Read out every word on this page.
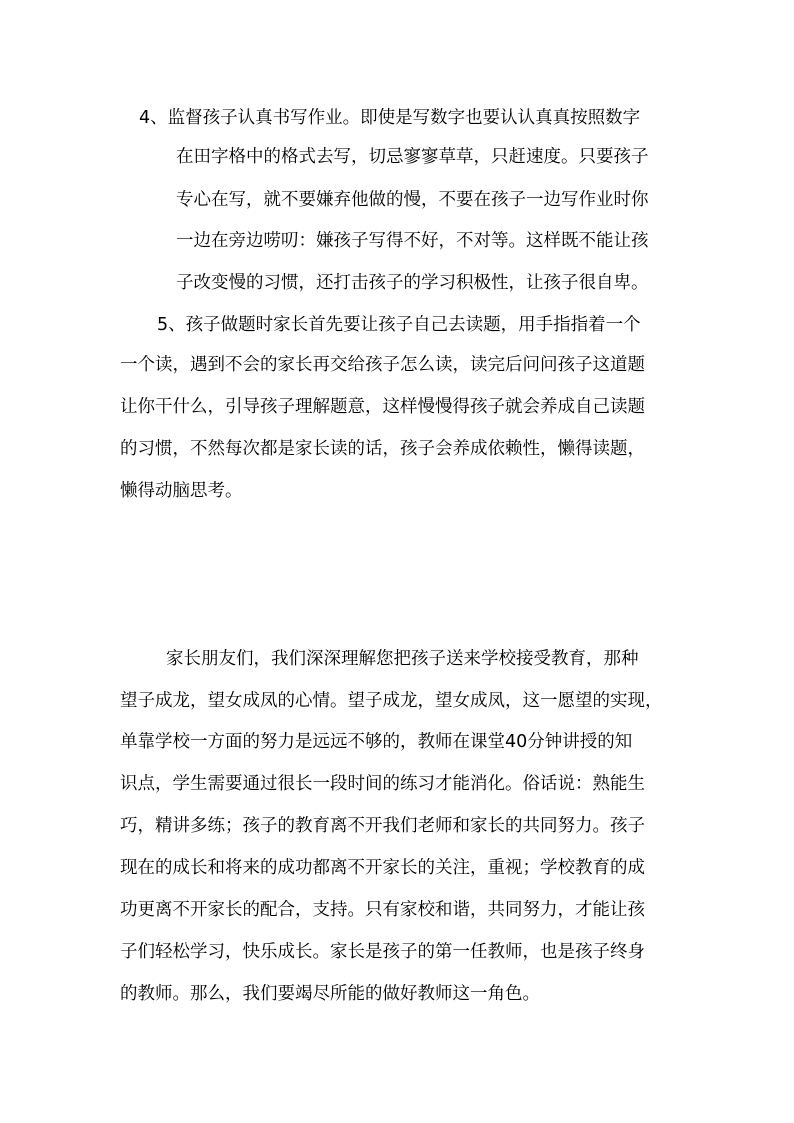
4、监督孩子认真书写作业。即使是写数字也要认认真真按照数字
在田字格中的格式去写，切忌寥寥草草，只赶速度。只要孩子
专心在写，就不要嫌弃他做的慢，不要在孩子一边写作业时你
一边在旁边唠叨：嫌孩子写得不好，不对等。这样既不能让孩
子改变慢的习惯，还打击孩子的学习积极性，让孩子很自卑。
5、孩子做题时家长首先要让孩子自己去读题，用手指指着一个
一个读，遇到不会的家长再交给孩子怎么读，读完后问问孩子这道题
让你干什么，引导孩子理解题意，这样慢慢得孩子就会养成自己读题
的习惯，不然每次都是家长读的话，孩子会养成依赖性，懒得读题，
懒得动脑思考。
家长朋友们，我们深深理解您把孩子送来学校接受教育，那种
望子成龙，望女成凤的心情。望子成龙，望女成凤，这一愿望的实现，
单靠学校一方面的努力是远远不够的，教师在课堂40分钟讲授的知
识点，学生需要通过很长一段时间的练习才能消化。俗话说：熟能生
巧，精讲多练；孩子的教育离不开我们老师和家长的共同努力。孩子
现在的成长和将来的成功都离不开家长的关注，重视；学校教育的成
功更离不开家长的配合，支持。只有家校和谐，共同努力，才能让孩
子们轻松学习，快乐成长。家长是孩子的第一任教师，也是孩子终身
的教师。那么，我们要竭尽所能的做好教师这一角色。
